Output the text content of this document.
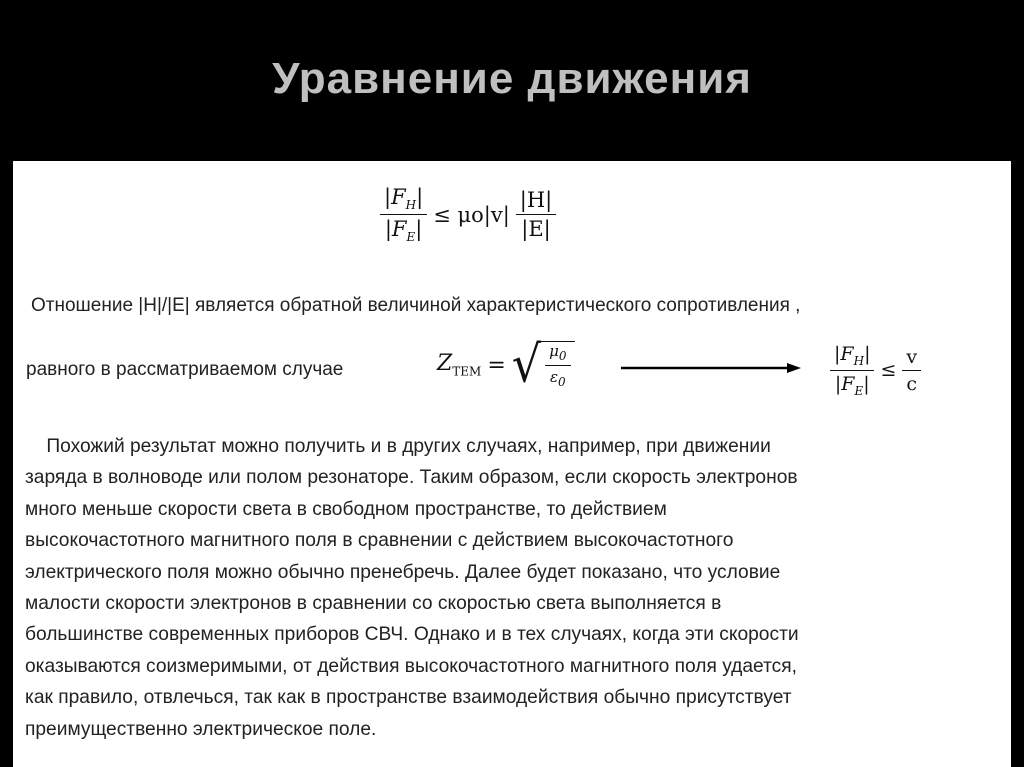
Уравнение движения
$\frac{|F_H|}{|F_E|} \le \mu o|v| \frac{|H|}{|E|}$
Отношение |H|/|E| является обратной величиной характеристического сопротивления ,
равного в рассматриваемом случае	$Z_{TEM}$ = √ $\frac{\mu_0}{\varepsilon_0}$	$\frac{|F_H|}{|F_E|} \le \frac{v}{c}$
Похожий результат можно получить и в других случаях, например, при движении
заряда в волноводе или полом резонаторе. Таким образом, если скорость электронов
много меньше скорости света в свободном пространстве, то действием
высокочастотного магнитного поля в сравнении с действием высокочастотного
электрического поля можно обычно пренебречь. Далее будет показано, что условие
малости скорости электронов в сравнении со скоростью света выполняется в
большинстве современных приборов СВЧ. Однако и в тех случаях, когда эти скорости
оказываются соизмеримыми, от действия высокочастотного магнитного поля удается,
как правило, отвлечься, так как в пространстве взаимодействия обычно присутствует
преимущественно электрическое поле.
